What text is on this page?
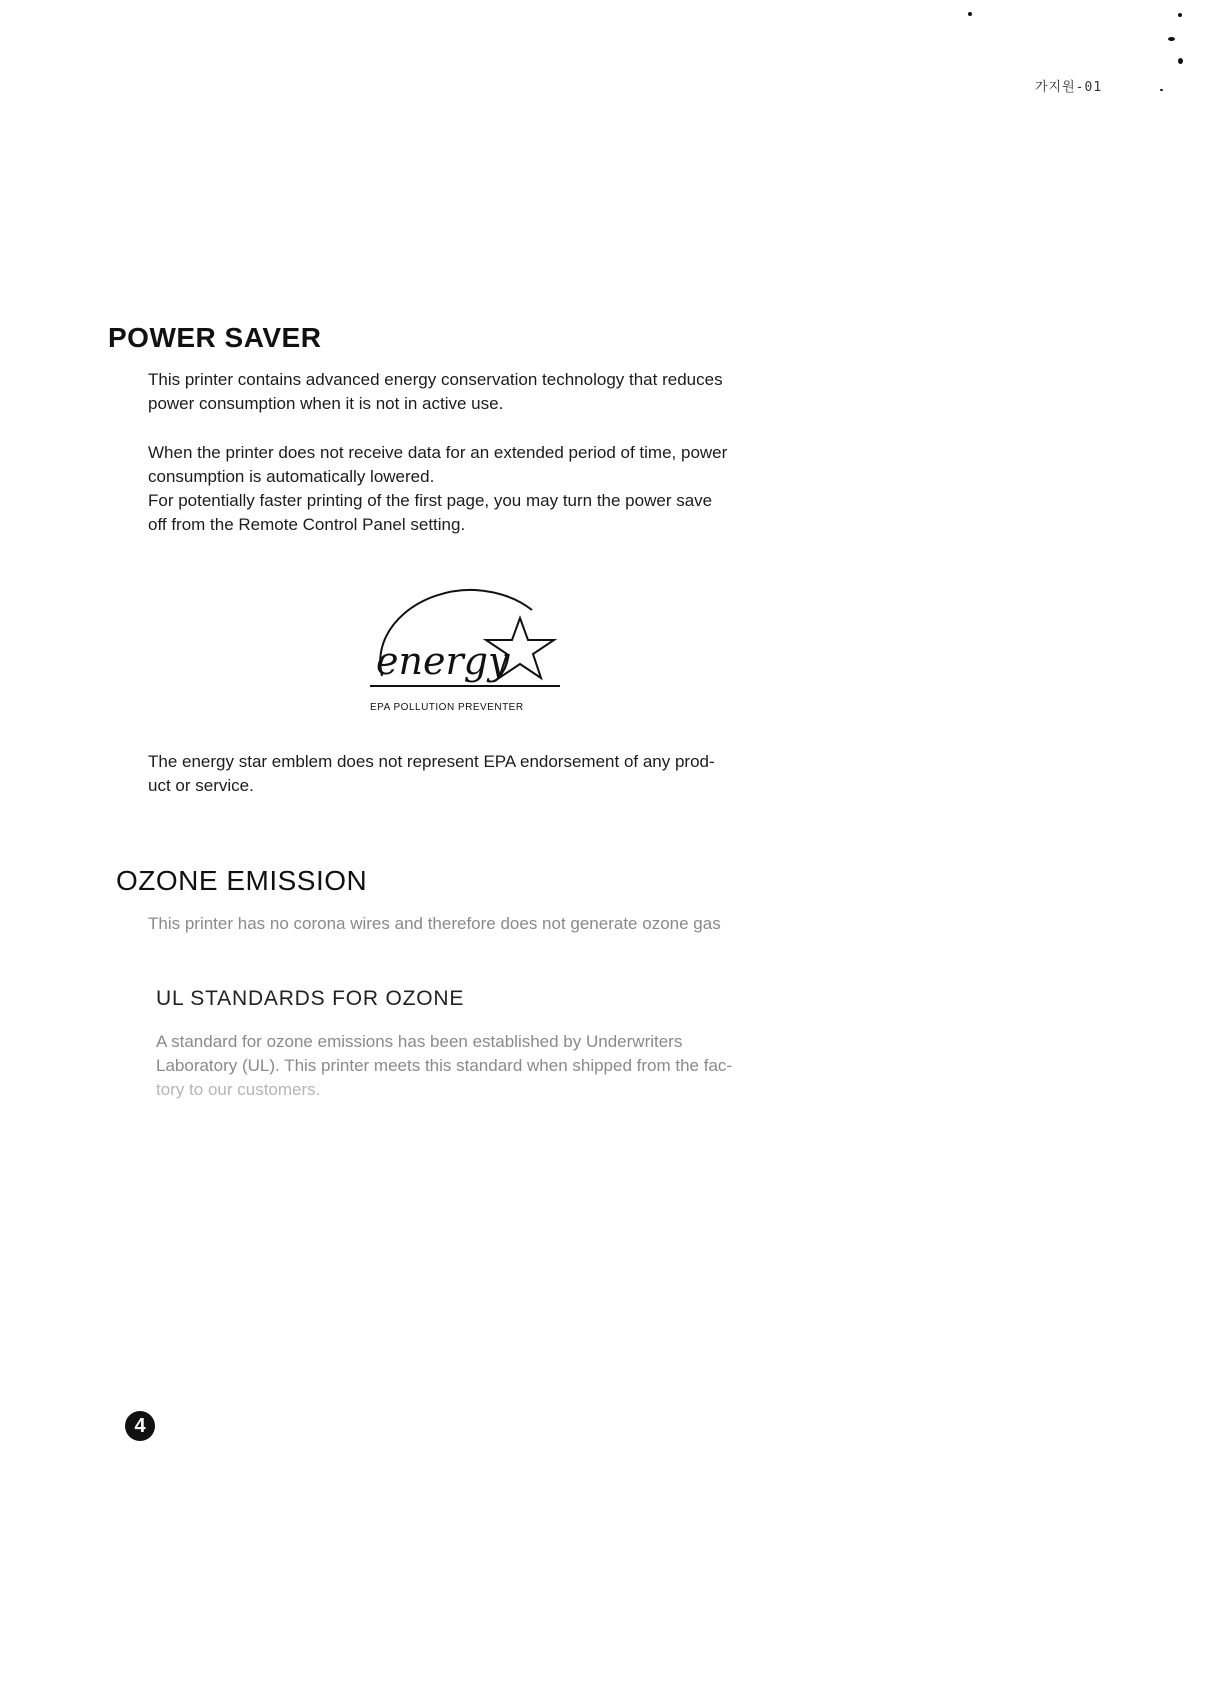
가지원-01
POWER SAVER
This printer contains advanced energy conservation technology that reduces
power consumption when it is not in active use.
When the printer does not receive data for an extended period of time, power
consumption is automatically lowered.
For potentially faster printing of the first page, you may turn the power save
off from the Remote Control Panel setting.
energy
EPA POLLUTION PREVENTER
The energy star emblem does not represent EPA endorsement of any prod-
uct or service.
OZONE EMISSION
This printer has no corona wires and therefore does not generate ozone gas
UL STANDARDS FOR OZONE
A standard for ozone emissions has been established by Underwriters
Laboratory (UL). This printer meets this standard when shipped from the fac-
tory to our customers.
4
